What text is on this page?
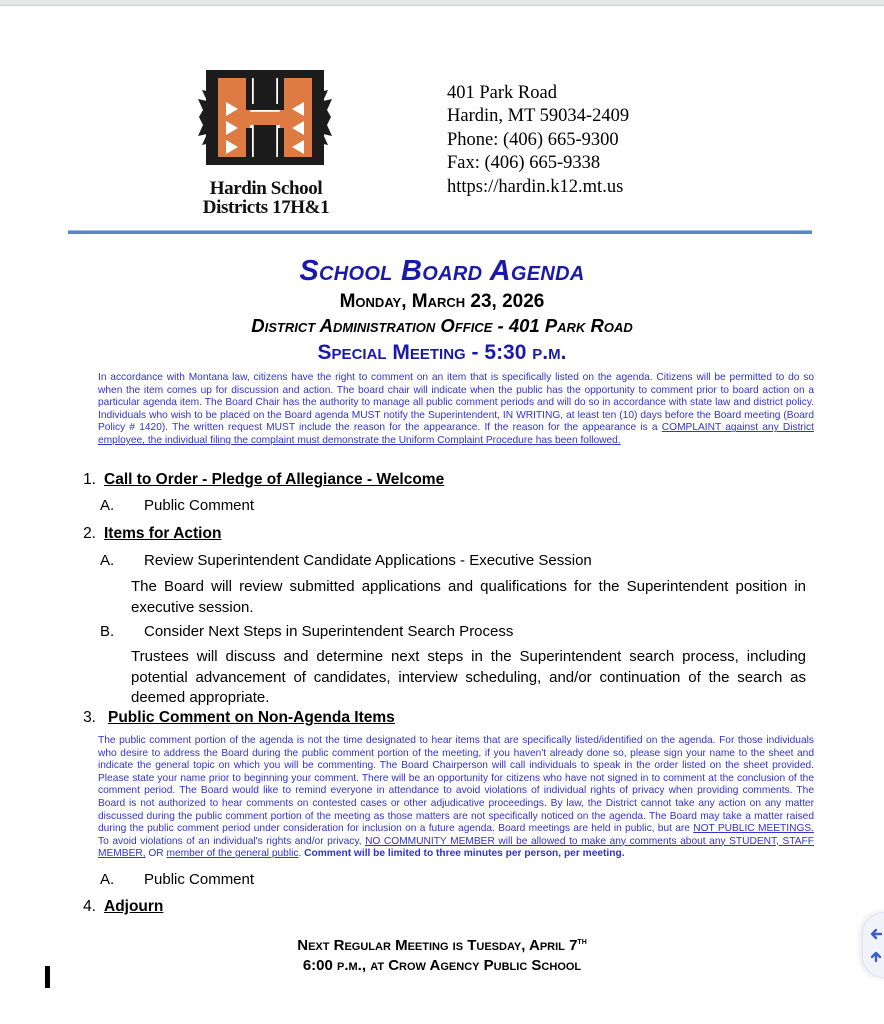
Hardin School
Districts 17H&1
401 Park Road
Hardin, MT 59034-2409
Phone: (406) 665-9300
Fax: (406) 665-9338
https://hardin.k12.mt.us
School Board Agenda
Monday, March 23, 2026
District Administration Office - 401 Park Road
Special Meeting - 5:30 p.m.
In accordance with Montana law, citizens have the right to comment on an item that is specifically listed on the agenda. Citizens will be permitted to do so when the item comes up for discussion and action. The board chair will indicate when the public has the opportunity to comment prior to board action on a particular agenda item. The Board Chair has the authority to manage all public comment periods and will do so in accordance with state law and district policy. Individuals who wish to be placed on the Board agenda MUST notify the Superintendent, IN WRITING, at least ten (10) days before the Board meeting (Board Policy # 1420). The written request MUST include the reason for the appearance. If the reason for the appearance is a COMPLAINT against any District employee, the individual filing the complaint must demonstrate the Uniform Complaint Procedure has been followed.
1. Call to Order - Pledge of Allegiance - Welcome
A. Public Comment
2. Items for Action
A. Review Superintendent Candidate Applications - Executive Session
The Board will review submitted applications and qualifications for the Superintendent position in executive session.
B. Consider Next Steps in Superintendent Search Process
Trustees will discuss and determine next steps in the Superintendent search process, including potential advancement of candidates, interview scheduling, and/or continuation of the search as deemed appropriate.
3. Public Comment on Non-Agenda Items
The public comment portion of the agenda is not the time designated to hear items that are specifically listed/identified on the agenda. For those individuals who desire to address the Board during the public comment portion of the meeting, if you haven't already done so, please sign your name to the sheet and indicate the general topic on which you will be commenting. The Board Chairperson will call individuals to speak in the order listed on the sheet provided. Please state your name prior to beginning your comment. There will be an opportunity for citizens who have not signed in to comment at the conclusion of the comment period. The Board would like to remind everyone in attendance to avoid violations of individual rights of privacy when providing comments. The Board is not authorized to hear comments on contested cases or other adjudicative proceedings. By law, the District cannot take any action on any matter discussed during the public comment portion of the meeting as those matters are not specifically noticed on the agenda. The Board may take a matter raised during the public comment period under consideration for inclusion on a future agenda. Board meetings are held in public, but are NOT PUBLIC MEETINGS. To avoid violations of an individual's rights and/or privacy, NO COMMUNITY MEMBER will be allowed to make any comments about any STUDENT, STAFF MEMBER, OR member of the general public. Comment will be limited to three minutes per person, per meeting.
A. Public Comment
4. Adjourn
Next Regular Meeting is Tuesday, April 7th
6:00 p.m., at Crow Agency Public School
